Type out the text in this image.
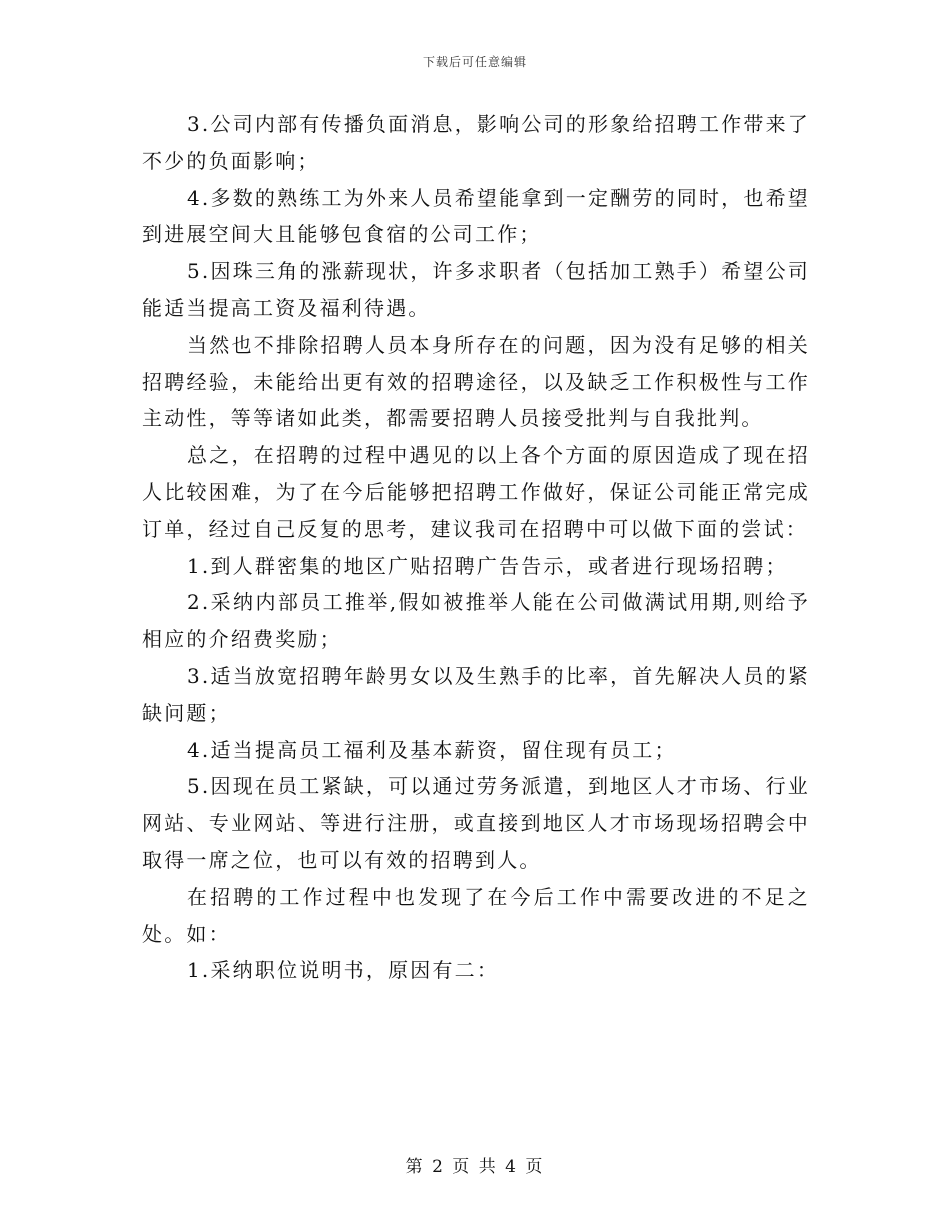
下载后可任意编辑

3.公司内部有传播负面消息，影响公司的形象给招聘工作带来了不少的负面影响；

4.多数的熟练工为外来人员希望能拿到一定酬劳的同时，也希望到进展空间大且能够包食宿的公司工作；

5.因珠三角的涨薪现状，许多求职者（包括加工熟手）希望公司能适当提高工资及福利待遇。

当然也不排除招聘人员本身所存在的问题，因为没有足够的相关招聘经验，未能给出更有效的招聘途径，以及缺乏工作积极性与工作主动性，等等诸如此类，都需要招聘人员接受批判与自我批判。

总之，在招聘的过程中遇见的以上各个方面的原因造成了现在招人比较困难，为了在今后能够把招聘工作做好，保证公司能正常完成订单，经过自己反复的思考，建议我司在招聘中可以做下面的尝试：

1.到人群密集的地区广贴招聘广告告示，或者进行现场招聘；

2.采纳内部员工推举,假如被推举人能在公司做满试用期,则给予相应的介绍费奖励；

3.适当放宽招聘年龄男女以及生熟手的比率，首先解决人员的紧缺问题；

4.适当提高员工福利及基本薪资，留住现有员工；

5.因现在员工紧缺，可以通过劳务派遣，到地区人才市场、行业网站、专业网站、等进行注册，或直接到地区人才市场现场招聘会中取得一席之位，也可以有效的招聘到人。

在招聘的工作过程中也发现了在今后工作中需要改进的不足之处。如：

1.采纳职位说明书，原因有二：

第 2 页 共 4 页
